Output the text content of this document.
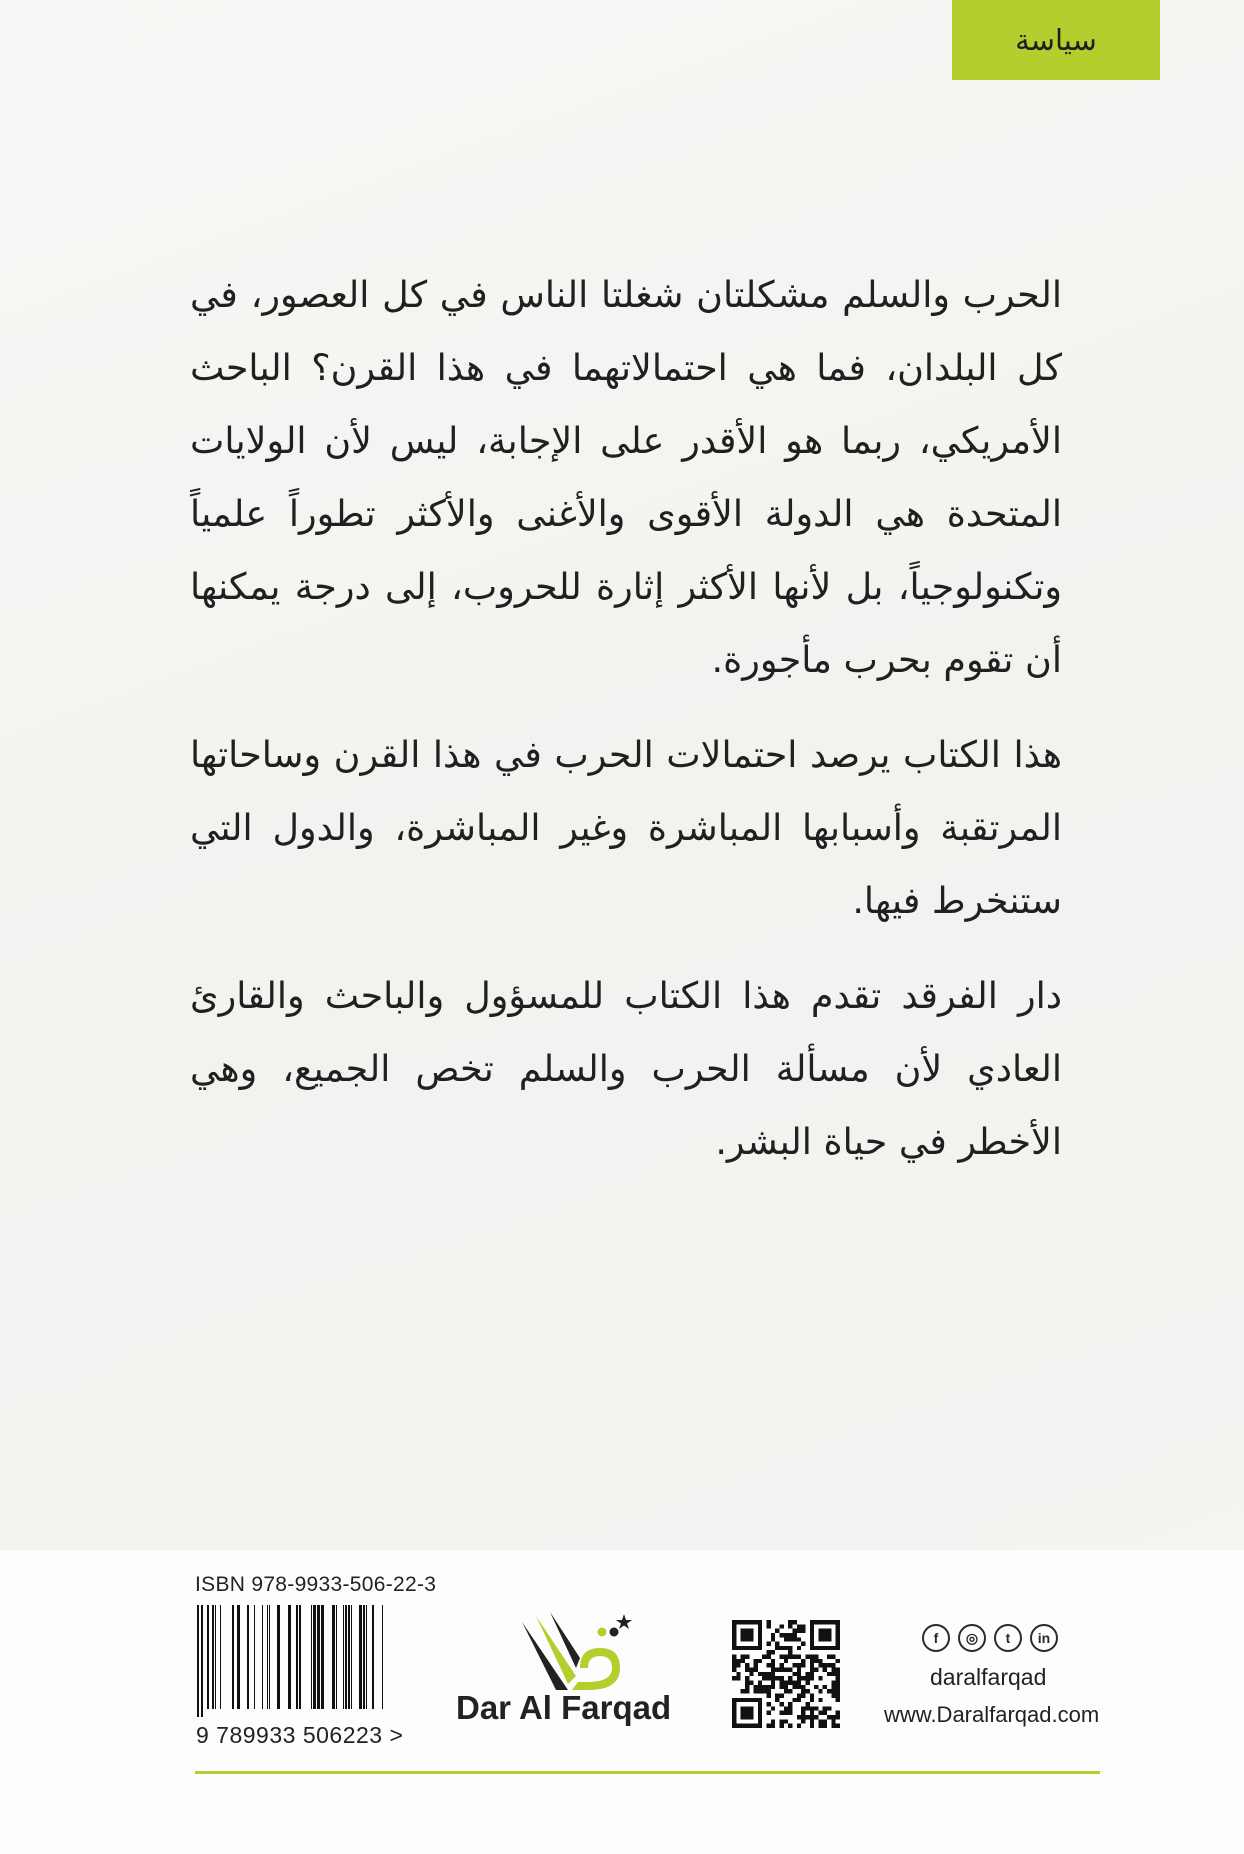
سياسة

الحرب والسلم مشكلتان شغلتا الناس في كل العصور، في كل البلدان، فما هي احتمالاتهما في هذا القرن؟ الباحث الأمريكي، ربما هو الأقدر على الإجابة، ليس لأن الولايات المتحدة هي الدولة الأقوى والأغنى والأكثر تطوراً علمياً وتكنولوجياً، بل لأنها الأكثر إثارة للحروب، إلى درجة يمكنها أن تقوم بحرب مأجورة.

هذا الكتاب يرصد احتمالات الحرب في هذا القرن وساحاتها المرتقبة وأسبابها المباشرة وغير المباشرة، والدول التي ستنخرط فيها.

دار الفرقد تقدم هذا الكتاب للمسؤول والباحث والقارئ العادي لأن مسألة الحرب والسلم تخص الجميع، وهي الأخطر في حياة البشر.

ISBN 978-9933-506-22-3
9 789933 506223 >
Dar Al Farqad
f	◎	t	in
daralfarqad
www.Daralfarqad.com
